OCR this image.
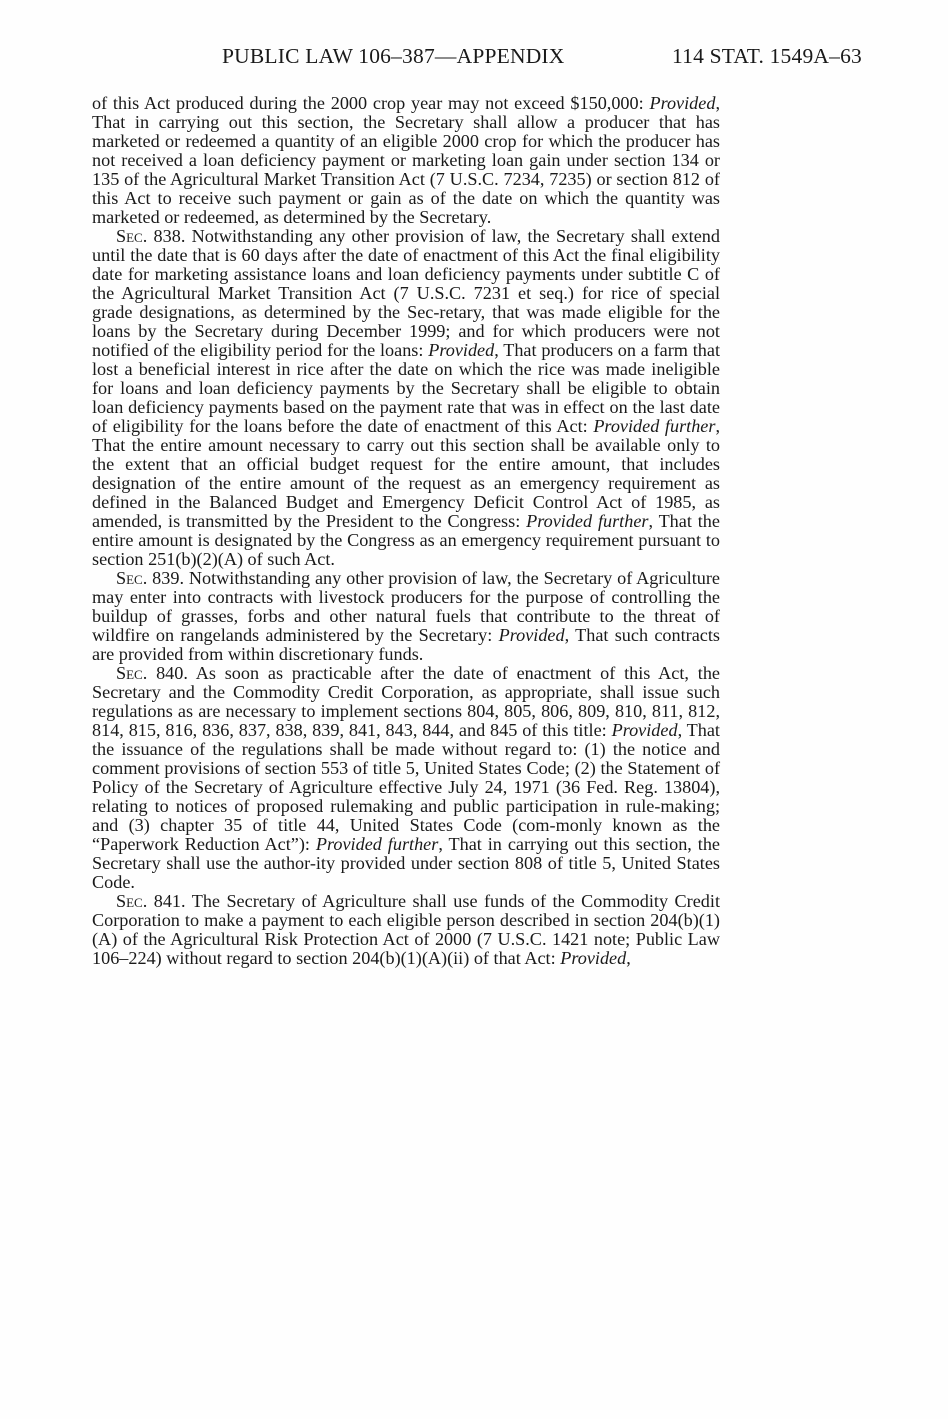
PUBLIC LAW 106–387—APPENDIX	114 STAT. 1549A–63

of this Act produced during the 2000 crop year may not exceed $150,000: Provided, That in carrying out this section, the Secretary shall allow a producer that has marketed or redeemed a quantity of an eligible 2000 crop for which the producer has not received a loan deficiency payment or marketing loan gain under section 134 or 135 of the Agricultural Market Transition Act (7 U.S.C. 7234, 7235) or section 812 of this Act to receive such payment or gain as of the date on which the quantity was marketed or redeemed, as determined by the Secretary.

Sec. 838. Notwithstanding any other provision of law, the Secretary shall extend until the date that is 60 days after the date of enactment of this Act the final eligibility date for marketing assistance loans and loan deficiency payments under subtitle C of the Agricultural Market Transition Act (7 U.S.C. 7231 et seq.) for rice of special grade designations, as determined by the Sec-​retary, that was made eligible for the loans by the Secretary during December 1999; and for which producers were not notified of the eligibility period for the loans: Provided, That producers on a farm that lost a beneficial interest in rice after the date on which the rice was made ineligible for loans and loan deficiency payments by the Secretary shall be eligible to obtain loan deficiency payments based on the payment rate that was in effect on the last date of eligibility for the loans before the date of enactment of this Act: Provided further, That the entire amount necessary to carry out this section shall be available only to the extent that an official budget request for the entire amount, that includes designation of the entire amount of the request as an emergency requirement as defined in the Balanced Budget and Emergency Deficit Control Act of 1985, as amended, is transmitted by the President to the Congress: Provided further, That the entire amount is designated by the Congress as an emergency requirement pursuant to section 251(b)(2)(A) of such Act.

Sec. 839. Notwithstanding any other provision of law, the Secretary of Agriculture may enter into contracts with livestock producers for the purpose of controlling the buildup of grasses, forbs and other natural fuels that contribute to the threat of wildfire on rangelands administered by the Secretary: Provided, That such contracts are provided from within discretionary funds.

Sec. 840. As soon as practicable after the date of enactment of this Act, the Secretary and the Commodity Credit Corporation, as appropriate, shall issue such regulations as are necessary to implement sections 804, 805, 806, 809, 810, 811, 812, 814, 815, 816, 836, 837, 838, 839, 841, 843, 844, and 845 of this title: Provided, That the issuance of the regulations shall be made without regard to: (1) the notice and comment provisions of section 553 of title 5, United States Code; (2) the Statement of Policy of the Secretary of Agriculture effective July 24, 1971 (36 Fed. Reg. 13804), relating to notices of proposed rulemaking and public participation in rule-​making; and (3) chapter 35 of title 44, United States Code (com-​monly known as the “Paperwork Reduction Act”): Provided further, That in carrying out this section, the Secretary shall use the author-​ity provided under section 808 of title 5, United States Code.

Sec. 841. The Secretary of Agriculture shall use funds of the Commodity Credit Corporation to make a payment to each eligible person described in section 204(b)(1)(A) of the Agricultural Risk Protection Act of 2000 (7 U.S.C. 1421 note; Public Law 106–224) without regard to section 204(b)(1)(A)(ii) of that Act: Provided,
